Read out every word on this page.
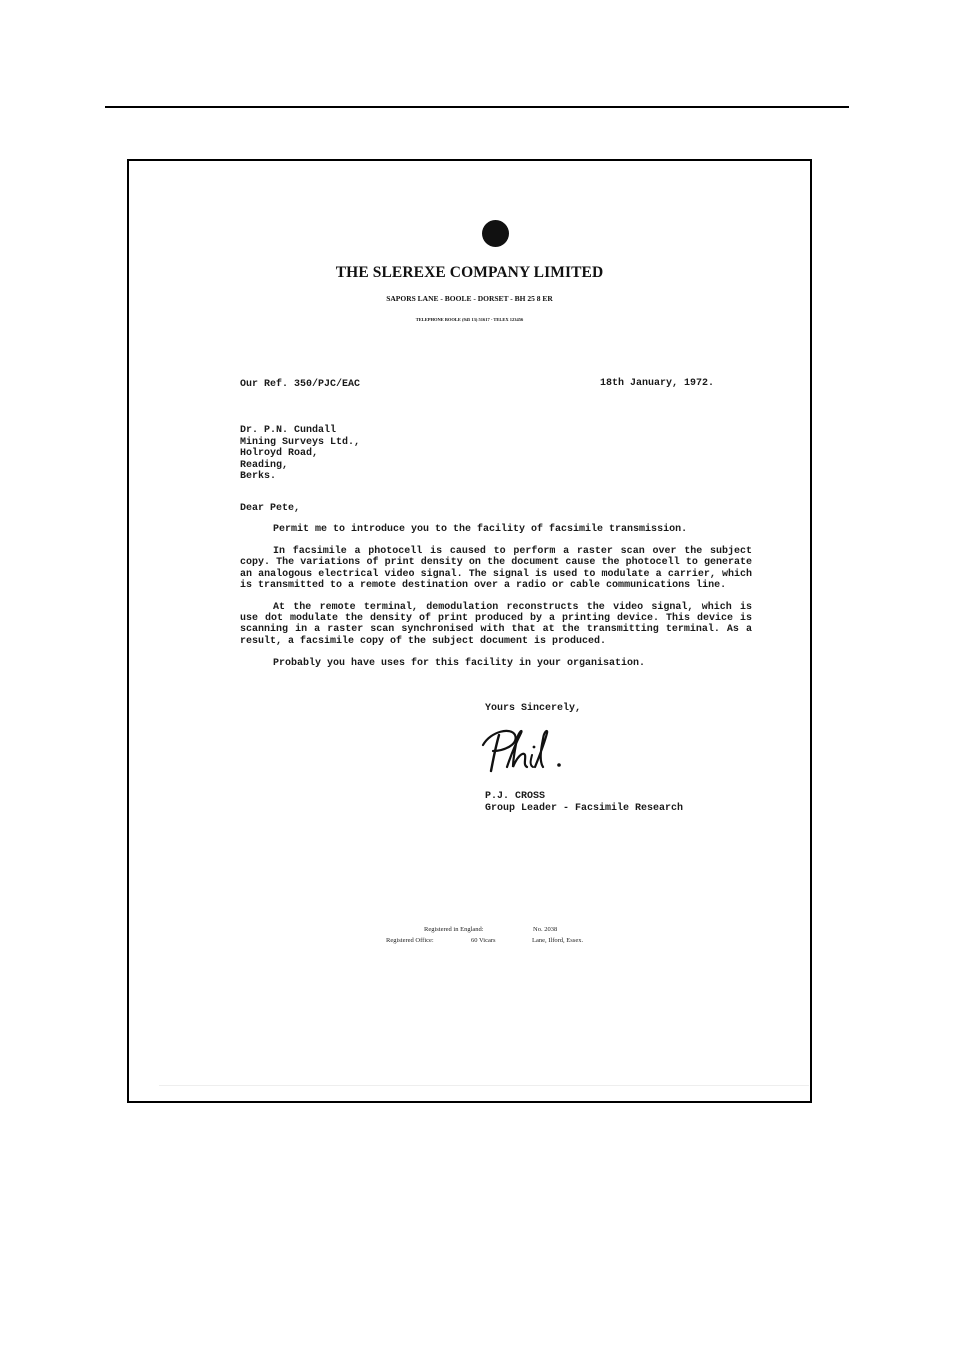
THE SLEREXE COMPANY LIMITED
SAPORS LANE - BOOLE - DORSET - BH 25 8 ER
TELEPHONE BOOLE (945 13) 51617 - TELEX 123456
Our Ref. 350/PJC/EAC	18th January, 1972.
Dr. P.N. Cundall
Mining Surveys Ltd.,
Holroyd Road,
Reading,
Berks.
Dear Pete,

Permit me to introduce you to the facility of facsimile transmission.

In facsimile a photocell is caused to perform a raster scan over the subject copy. The variations of print density on the document cause the photocell to generate an analogous electrical video signal. The signal is used to modulate a carrier, which is transmitted to a remote destination over a radio or cable communications line.

At the remote terminal, demodulation reconstructs the video signal, which is use dot modulate the density of print produced by a printing device. This device is scanning in a raster scan synchronised with that at the transmitting terminal. As a result, a facsimile copy of the subject document is produced.

Probably you have uses for this facility in your organisation.

Yours Sincerely,
P.J. CROSS
Group Leader - Facsimile Research
Registered in England:	No. 2038
Registered Office:	60 Vicars	Lane, Ilford, Essex.
